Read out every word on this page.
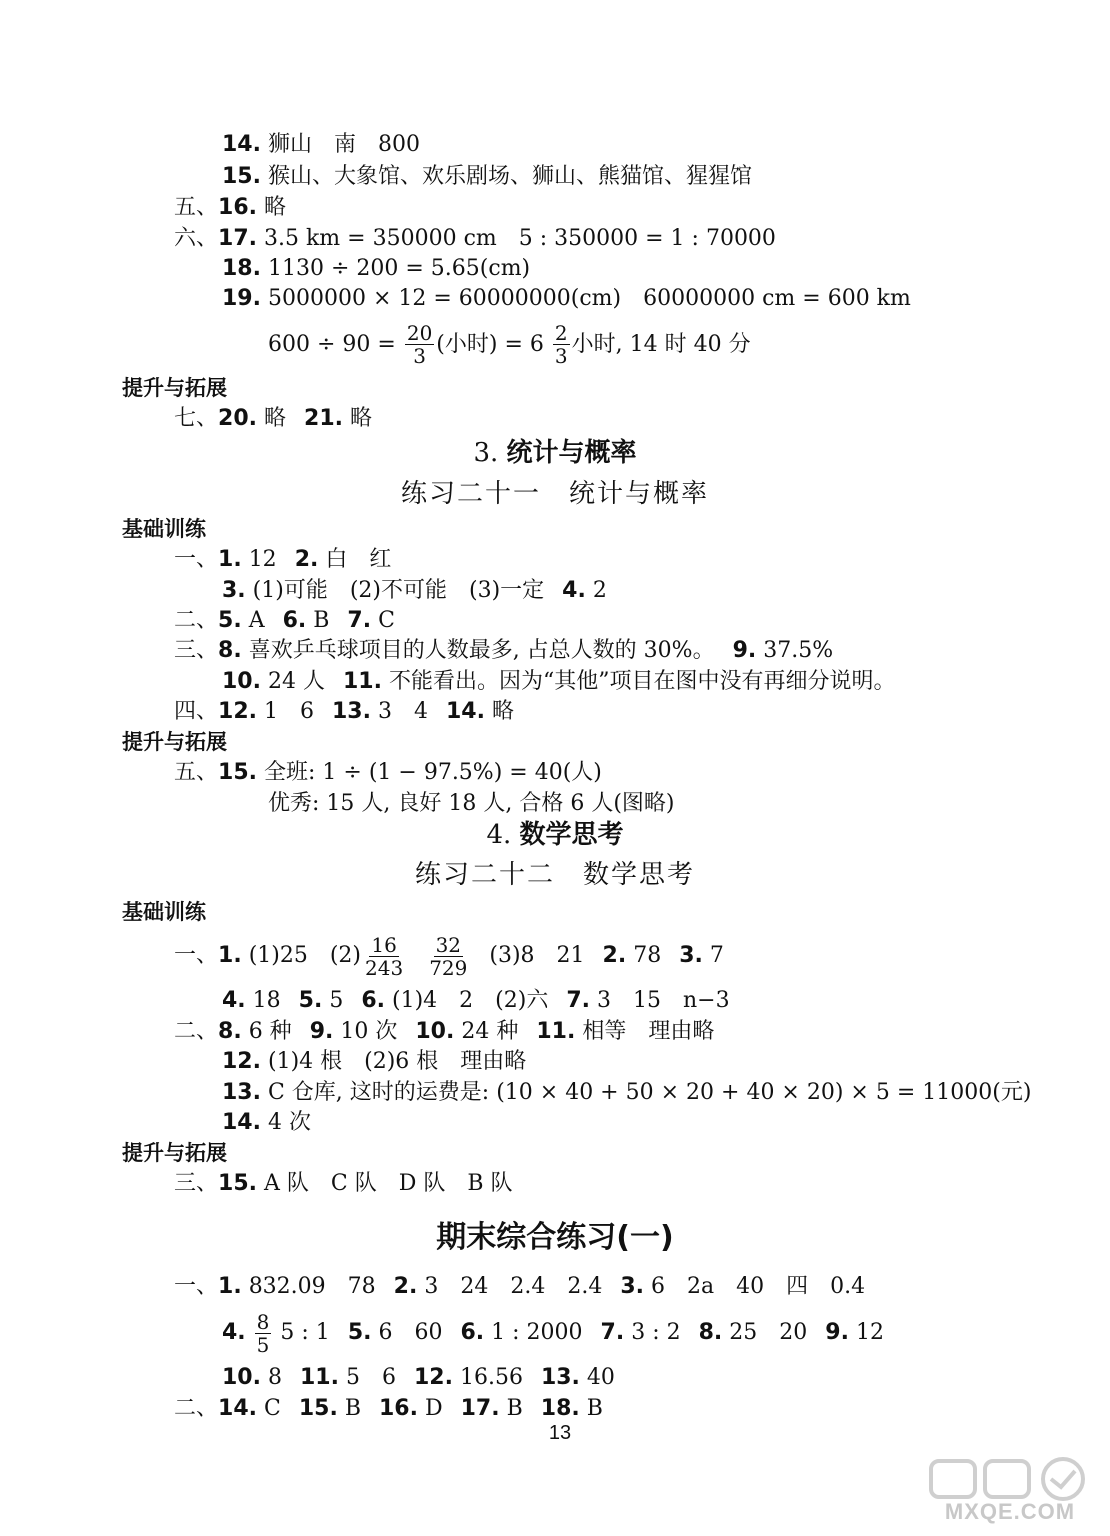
14. 狮山　南　800
15. 猴山、大象馆、欢乐剧场、狮山、熊猫馆、猩猩馆
五、16. 略
六、17. 3.5 km = 350000 cm　5 : 350000 = 1 : 70000
18. 1130 ÷ 200 = 5.65(cm)
19. 5000000 × 12 = 60000000(cm)　60000000 cm = 600 km
$600 \div 90 = \frac{20}{3}$ (小时) = $6 \frac{2}{3}$ 小时, 14 时 40 分
提升与拓展
七、20. 略 21. 略
3. 统计与概率
练习二十一　统计与概率
基础训练
一、1. 12 2. 白　红
3. (1)可能　(2)不可能　(3)一定 4. 2
二、5. A 6. B 7. C
三、8. 喜欢乒乓球项目的人数最多, 占总人数的 30%。 9. 37.5%
10. 24 人 11. 不能看出。因为“其他”项目在图中没有再细分说明。
四、12. 1　6 13. 3　4 14. 略
提升与拓展
五、15. 全班: 1 ÷ (1 − 97.5%) = 40(人)
优秀: 15 人, 良好 18 人, 合格 6 人(图略)
4. 数学思考
练习二十二　数学思考
基础训练
一、1. (1)25　$(2) \frac{16}{243} \frac{32}{729} (3)8$　21 2. 78 3. 7
4. 18 5. 5 6. (1)4　2　(2)六 7. 3　15　n−3
二、8. 6 种 9. 10 次 10. 24 种 11. 相等　理由略
12. (1)4 根　(2)6 根　理由略
13. C 仓库, 这时的运费是: (10 × 40 + 50 × 20 + 40 × 20) × 5 = 11000(元)
14. 4 次
提升与拓展
三、15. A 队　C 队　D 队　B 队
期末综合练习(一)
一、1. 832.09　78 2. 3　24　2.4　2.4 3. 6　2a　40　四　0.4
4. $\frac{8}{5} 5$ : 1 5. 6　60 6. 1 : 2000 7. 3 : 2 8. 25　20 9. 12
10. 8 11. 5　6 12. 16.56 13. 40
二、14. C 15. B 16. D 17. B 18. B
13
MXQE.COM
